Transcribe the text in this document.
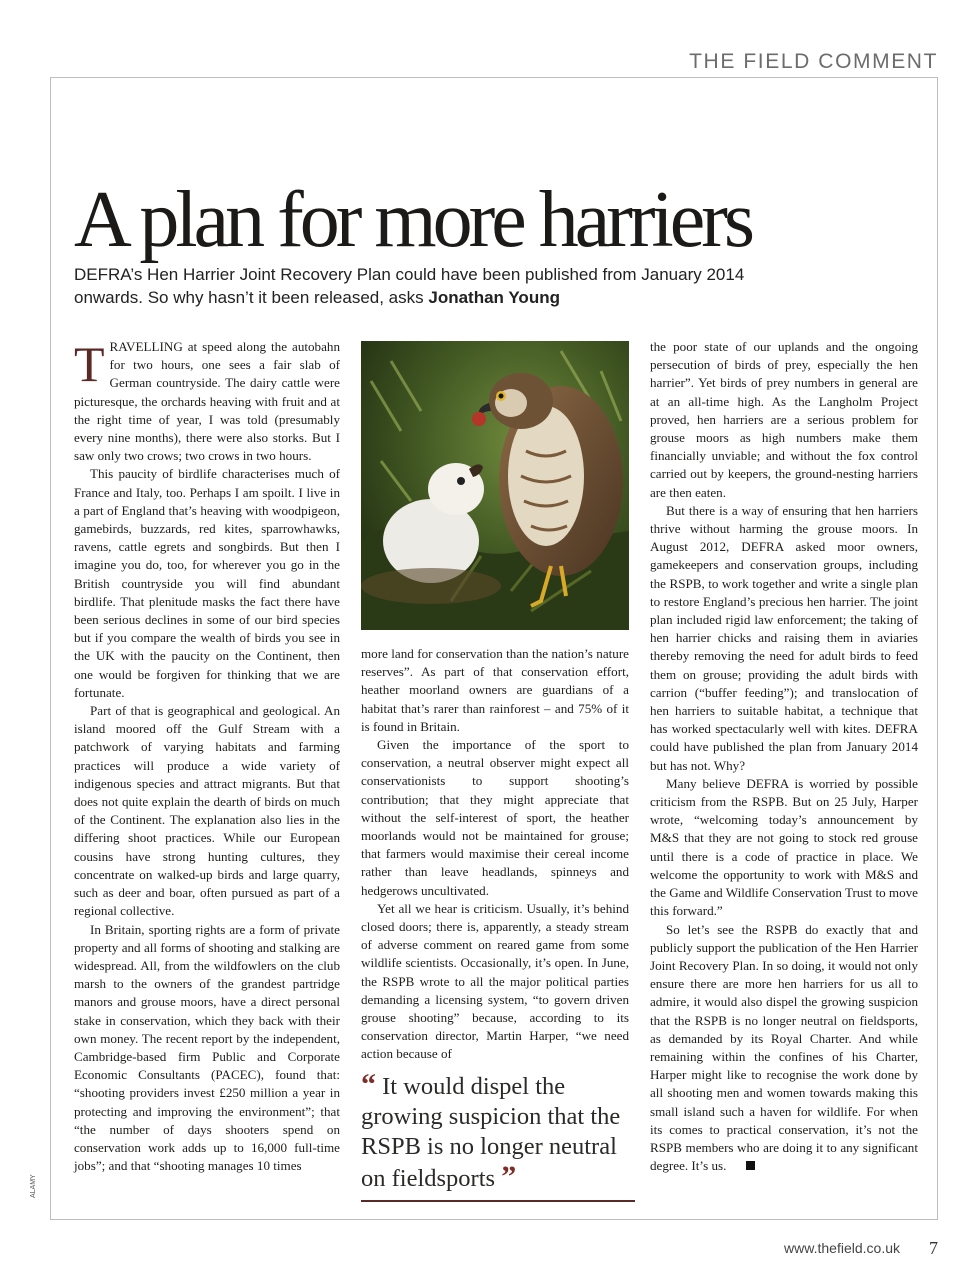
THE FIELD COMMENT
A plan for more harriers

DEFRA’s Hen Harrier Joint Recovery Plan could have been published from January 2014 onwards. So why hasn’t it been released, asks Jonathan Young

TRAVELLING at speed along the autobahn for two hours, one sees a fair slab of German countryside. The dairy cattle were picturesque, the orchards heaving with fruit and at the right time of year, I was told (presumably every nine months), there were also storks. But I saw only two crows; two crows in two hours.

This paucity of birdlife characterises much of France and Italy, too. Perhaps I am spoilt. I live in a part of England that’s heaving with woodpigeon, gamebirds, buzzards, red kites, sparrowhawks, ravens, cattle egrets and songbirds. But then I imagine you do, too, for wherever you go in the British countryside you will find abundant birdlife. That plenitude masks the fact there have been serious declines in some of our bird species but if you compare the wealth of birds you see in the UK with the paucity on the Continent, then one would be forgiven for thinking that we are fortunate.

Part of that is geographical and geological. An island moored off the Gulf Stream with a patchwork of varying habitats and farming practices will produce a wide variety of indigenous species and attract migrants. But that does not quite explain the dearth of birds on much of the Continent. The explanation also lies in the differing shoot practices. While our European cousins have strong hunting cultures, they concentrate on walked-up birds and large quarry, such as deer and boar, often pursued as part of a regional collective.

In Britain, sporting rights are a form of private property and all forms of shooting and stalking are widespread. All, from the wildfowlers on the club marsh to the owners of the grandest partridge manors and grouse moors, have a direct personal stake in conservation, which they back with their own money. The recent report by the independent, Cambridge-based firm Public and Corporate Economic Consultants (PACEC), found that: “shooting providers invest £250 million a year in protecting and improving the environment”; that “the number of days shooters spend on conservation work adds up to 16,000 full-time jobs”; and that “shooting manages 10 times

more land for conservation than the nation’s nature reserves”. As part of that conservation effort, heather moorland owners are guardians of a habitat that’s rarer than rainforest – and 75% of it is found in Britain.

Given the importance of the sport to conservation, a neutral observer might expect all conservationists to support shooting’s contribution; that they might appreciate that without the self-interest of sport, the heather moorlands would not be maintained for grouse; that farmers would maximise their cereal income rather than leave headlands, spinneys and hedgerows uncultivated.

Yet all we hear is criticism. Usually, it’s behind closed doors; there is, apparently, a steady stream of adverse comment on reared game from some wildlife scientists. Occasionally, it’s open. In June, the RSPB wrote to all the major political parties demanding a licensing system, “to govern driven grouse shooting” because, according to its conservation director, Martin Harper, “we need action because of

“ It would dispel the growing suspicion that the RSPB is no longer neutral on fieldsports ”

the poor state of our uplands and the ongoing persecution of birds of prey, especially the hen harrier”. Yet birds of prey numbers in general are at an all-time high. As the Langholm Project proved, hen harriers are a serious problem for grouse moors as high numbers make them financially unviable; and without the fox control carried out by keepers, the ground-nesting harriers are then eaten.

But there is a way of ensuring that hen harriers thrive without harming the grouse moors. In August 2012, DEFRA asked moor owners, gamekeepers and conservation groups, including the RSPB, to work together and write a single plan to restore England’s precious hen harrier. The joint plan included rigid law enforcement; the taking of hen harrier chicks and raising them in aviaries thereby removing the need for adult birds to feed them on grouse; providing the adult birds with carrion (“buffer feeding”); and translocation of hen harriers to suitable habitat, a technique that has worked spectacularly well with kites. DEFRA could have published the plan from January 2014 but has not. Why?

Many believe DEFRA is worried by possible criticism from the RSPB. But on 25 July, Harper wrote, “welcoming today’s announcement by M&S that they are not going to stock red grouse until there is a code of practice in place. We welcome the opportunity to work with M&S and the Game and Wildlife Conservation Trust to move this forward.”

So let’s see the RSPB do exactly that and publicly support the publication of the Hen Harrier Joint Recovery Plan. In so doing, it would not only ensure there are more hen harriers for us all to admire, it would also dispel the growing suspicion that the RSPB is no longer neutral on fieldsports, as demanded by its Royal Charter. And while remaining within the confines of his Charter, Harper might like to recognise the work done by all shooting men and women towards making this small island such a haven for wildlife. For when its comes to practical conservation, it’s not the RSPB members who are doing it to any significant degree. It’s us.

ALAMY
www.thefield.co.uk 7
